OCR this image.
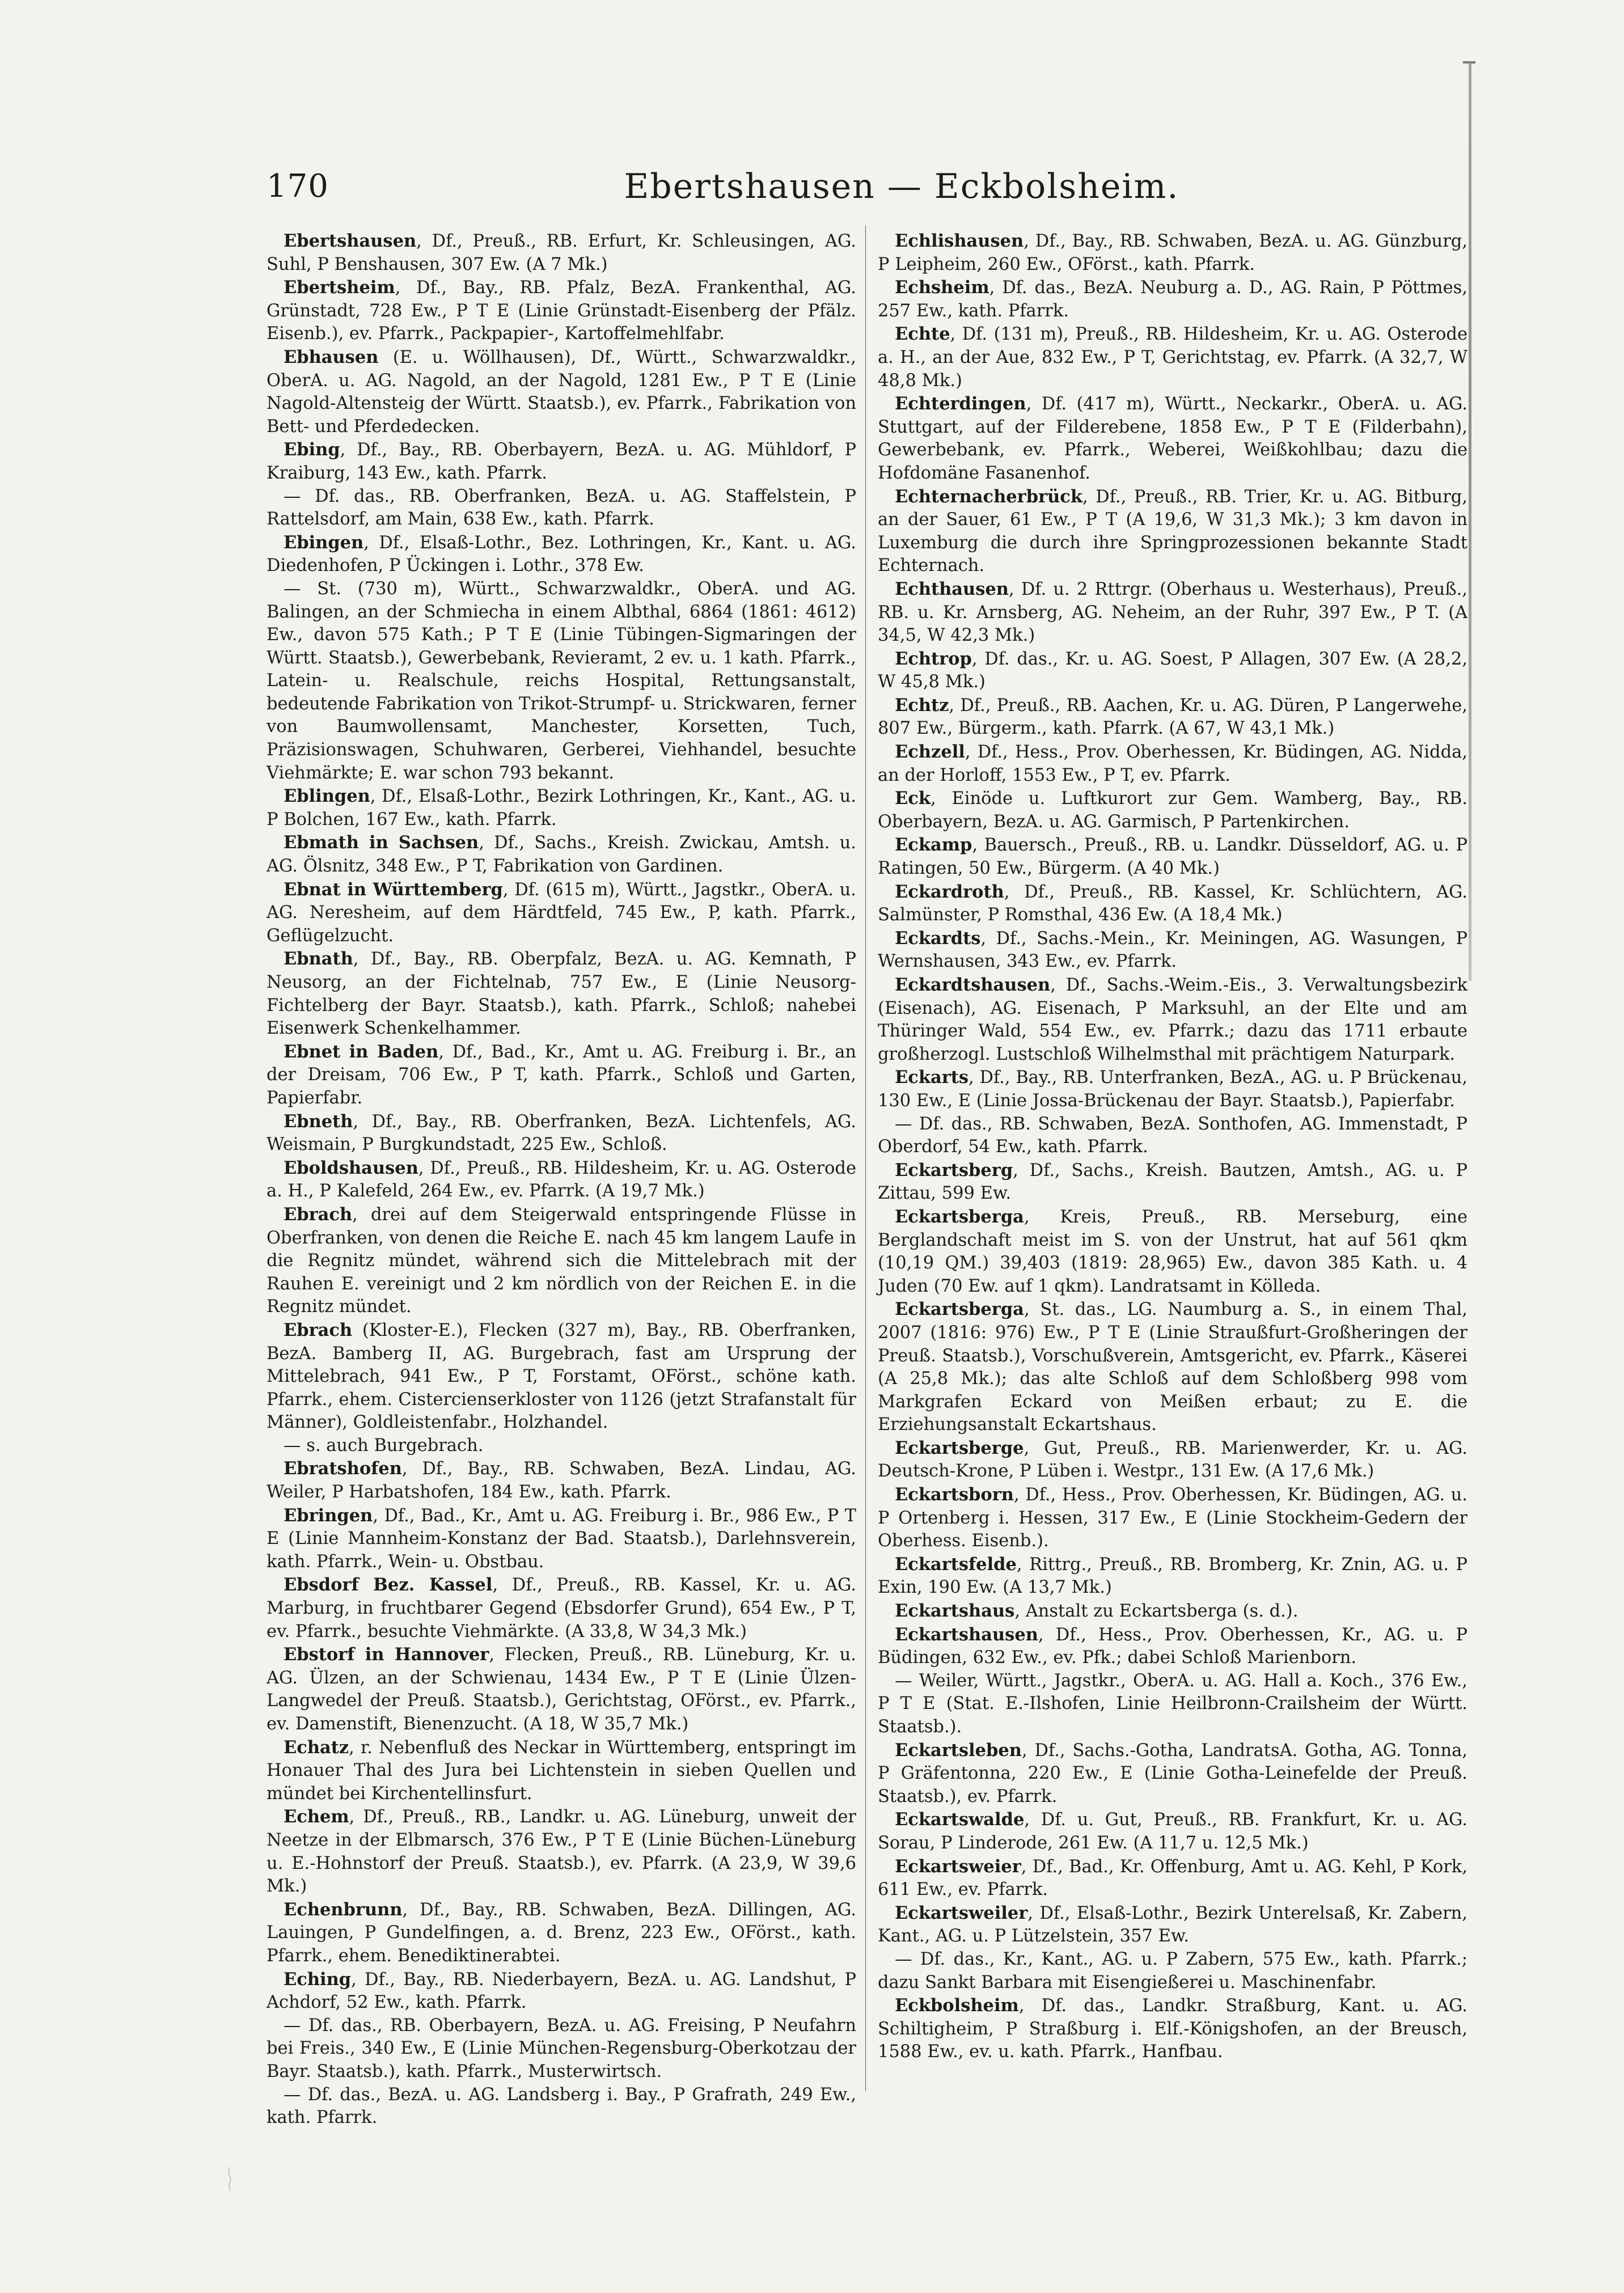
170	Ebertshausen — Eckbolsheim.

Ebertshausen, Df., Preuß., RB. Erfurt, Kr. Schleusingen, AG. Suhl, P Benshausen, 307 Ew. (A 7 Mk.)

Ebertsheim, Df., Bay., RB. Pfalz, BezA. Frankenthal, AG. Grünstadt, 728 Ew., P T E (Linie Grünstadt-Eisenberg der Pfälz. Eisenb.), ev. Pfarrk., Packpapier-, Kartoffelmehlfabr.

Ebhausen (E. u. Wöllhausen), Df., Württ., Schwarzwaldkr., OberA. u. AG. Nagold, an der Nagold, 1281 Ew., P T E (Linie Nagold-Altensteig der Württ. Staatsb.), ev. Pfarrk., Fabrikation von Bett- und Pferdedecken.

Ebing, Df., Bay., RB. Oberbayern, BezA. u. AG. Mühldorf, P Kraiburg, 143 Ew., kath. Pfarrk.

— Df. das., RB. Oberfranken, BezA. u. AG. Staffelstein, P Rattelsdorf, am Main, 638 Ew., kath. Pfarrk.

Ebingen, Df., Elsaß-Lothr., Bez. Lothringen, Kr., Kant. u. AG. Diedenhofen, P Ückingen i. Lothr., 378 Ew.

— St. (730 m), Württ., Schwarzwaldkr., OberA. und AG. Balingen, an der Schmiecha in einem Albthal, 6864 (1861: 4612) Ew., davon 575 Kath.; P T E (Linie Tübingen-Sigmaringen der Württ. Staatsb.), Gewerbebank, Revieramt, 2 ev. u. 1 kath. Pfarrk., Latein- u. Realschule, reichs Hospital, Rettungsanstalt, bedeutende Fabrikation von Trikot-Strumpf- u. Strickwaren, ferner von Baumwollensamt, Manchester, Korsetten, Tuch, Präzisionswagen, Schuhwaren, Gerberei, Viehhandel, besuchte Viehmärkte; E. war schon 793 bekannt.

Eblingen, Df., Elsaß-Lothr., Bezirk Lothringen, Kr., Kant., AG. u. P Bolchen, 167 Ew., kath. Pfarrk.

Ebmath in Sachsen, Df., Sachs., Kreish. Zwickau, Amtsh. u. AG. Ölsnitz, 348 Ew., P T, Fabrikation von Gardinen.

Ebnat in Württemberg, Df. (615 m), Württ., Jagstkr., OberA. u. AG. Neresheim, auf dem Härdtfeld, 745 Ew., P, kath. Pfarrk., Geflügelzucht.

Ebnath, Df., Bay., RB. Oberpfalz, BezA. u. AG. Kemnath, P Neusorg, an der Fichtelnab, 757 Ew., E (Linie Neusorg-Fichtelberg der Bayr. Staatsb.), kath. Pfarrk., Schloß; nahebei Eisenwerk Schenkelhammer.

Ebnet in Baden, Df., Bad., Kr., Amt u. AG. Freiburg i. Br., an der Dreisam, 706 Ew., P T, kath. Pfarrk., Schloß und Garten, Papierfabr.

Ebneth, Df., Bay., RB. Oberfranken, BezA. Lichtenfels, AG. Weismain, P Burgkundstadt, 225 Ew., Schloß.

Eboldshausen, Df., Preuß., RB. Hildesheim, Kr. u. AG. Osterode a. H., P Kalefeld, 264 Ew., ev. Pfarrk. (A 19,7 Mk.)

Ebrach, drei auf dem Steigerwald entspringende Flüsse in Oberfranken, von denen die Reiche E. nach 45 km langem Laufe in die Regnitz mündet, während sich die Mittelebrach mit der Rauhen E. vereinigt und 2 km nördlich von der Reichen E. in die Regnitz mündet.

Ebrach (Kloster-E.), Flecken (327 m), Bay., RB. Oberfranken, BezA. Bamberg II, AG. Burgebrach, fast am Ursprung der Mittelebrach, 941 Ew., P T, Forstamt, OFörst., schöne kath. Pfarrk., ehem. Cistercienserkloster von 1126 (jetzt Strafanstalt für Männer), Goldleistenfabr., Holzhandel.

— s. auch Burgebrach.

Ebratshofen, Df., Bay., RB. Schwaben, BezA. Lindau, AG. Weiler, P Harbatshofen, 184 Ew., kath. Pfarrk.

Ebringen, Df., Bad., Kr., Amt u. AG. Freiburg i. Br., 986 Ew., P T E (Linie Mannheim-Konstanz der Bad. Staatsb.), Darlehnsverein, kath. Pfarrk., Wein- u. Obstbau.

Ebsdorf Bez. Kassel, Df., Preuß., RB. Kassel, Kr. u. AG. Marburg, in fruchtbarer Gegend (Ebsdorfer Grund), 654 Ew., P T, ev. Pfarrk., besuchte Viehmärkte. (A 33,8, W 34,3 Mk.)

Ebstorf in Hannover, Flecken, Preuß., RB. Lüneburg, Kr. u. AG. Ülzen, an der Schwienau, 1434 Ew., P T E (Linie Ülzen-Langwedel der Preuß. Staatsb.), Gerichtstag, OFörst., ev. Pfarrk., ev. Damenstift, Bienenzucht. (A 18, W 35,7 Mk.)

Echatz, r. Nebenfluß des Neckar in Württemberg, entspringt im Honauer Thal des Jura bei Lichtenstein in sieben Quellen und mündet bei Kirchentellinsfurt.

Echem, Df., Preuß., RB., Landkr. u. AG. Lüneburg, unweit der Neetze in der Elbmarsch, 376 Ew., P T E (Linie Büchen-Lüneburg u. E.-Hohnstorf der Preuß. Staatsb.), ev. Pfarrk. (A 23,9, W 39,6 Mk.)

Echenbrunn, Df., Bay., RB. Schwaben, BezA. Dillingen, AG. Lauingen, P Gundelfingen, a. d. Brenz, 223 Ew., OFörst., kath. Pfarrk., ehem. Benediktinerabtei.

Eching, Df., Bay., RB. Niederbayern, BezA. u. AG. Landshut, P Achdorf, 52 Ew., kath. Pfarrk.

— Df. das., RB. Oberbayern, BezA. u. AG. Freising, P Neufahrn bei Freis., 340 Ew., E (Linie München-Regensburg-Oberkotzau der Bayr. Staatsb.), kath. Pfarrk., Musterwirtsch.

— Df. das., BezA. u. AG. Landsberg i. Bay., P Grafrath, 249 Ew., kath. Pfarrk.

Echlishausen, Df., Bay., RB. Schwaben, BezA. u. AG. Günzburg, P Leipheim, 260 Ew., OFörst., kath. Pfarrk.

Echsheim, Df. das., BezA. Neuburg a. D., AG. Rain, P Pöttmes, 257 Ew., kath. Pfarrk.

Echte, Df. (131 m), Preuß., RB. Hildesheim, Kr. u. AG. Osterode a. H., an der Aue, 832 Ew., P T, Gerichtstag, ev. Pfarrk. (A 32,7, W 48,8 Mk.)

Echterdingen, Df. (417 m), Württ., Neckarkr., OberA. u. AG. Stuttgart, auf der Filderebene, 1858 Ew., P T E (Filderbahn), Gewerbebank, ev. Pfarrk., Weberei, Weißkohlbau; dazu die Hofdomäne Fasanenhof.

Echternacherbrück, Df., Preuß., RB. Trier, Kr. u. AG. Bitburg, an der Sauer, 61 Ew., P T (A 19,6, W 31,3 Mk.); 3 km davon in Luxemburg die durch ihre Springprozessionen bekannte Stadt Echternach.

Echthausen, Df. u. 2 Rttrgr. (Oberhaus u. Westerhaus), Preuß., RB. u. Kr. Arnsberg, AG. Neheim, an der Ruhr, 397 Ew., P T. (A 34,5, W 42,3 Mk.)

Echtrop, Df. das., Kr. u. AG. Soest, P Allagen, 307 Ew. (A 28,2, W 45,8 Mk.)

Echtz, Df., Preuß., RB. Aachen, Kr. u. AG. Düren, P Langerwehe, 807 Ew., Bürgerm., kath. Pfarrk. (A 67, W 43,1 Mk.)

Echzell, Df., Hess., Prov. Oberhessen, Kr. Büdingen, AG. Nidda, an der Horloff, 1553 Ew., P T, ev. Pfarrk.

Eck, Einöde u. Luftkurort zur Gem. Wamberg, Bay., RB. Oberbayern, BezA. u. AG. Garmisch, P Partenkirchen.

Eckamp, Bauersch., Preuß., RB. u. Landkr. Düsseldorf, AG. u. P Ratingen, 50 Ew., Bürgerm. (A 40 Mk.)

Eckardroth, Df., Preuß., RB. Kassel, Kr. Schlüchtern, AG. Salmünster, P Romsthal, 436 Ew. (A 18,4 Mk.)

Eckardts, Df., Sachs.-Mein., Kr. Meiningen, AG. Wasungen, P Wernshausen, 343 Ew., ev. Pfarrk.

Eckardtshausen, Df., Sachs.-Weim.-Eis., 3. Verwaltungsbezirk (Eisenach), AG. Eisenach, P Marksuhl, an der Elte und am Thüringer Wald, 554 Ew., ev. Pfarrk.; dazu das 1711 erbaute großherzogl. Lustschloß Wilhelmsthal mit prächtigem Naturpark.

Eckarts, Df., Bay., RB. Unterfranken, BezA., AG. u. P Brückenau, 130 Ew., E (Linie Jossa-Brückenau der Bayr. Staatsb.), Papierfabr.

— Df. das., RB. Schwaben, BezA. Sonthofen, AG. Immenstadt, P Oberdorf, 54 Ew., kath. Pfarrk.

Eckartsberg, Df., Sachs., Kreish. Bautzen, Amtsh., AG. u. P Zittau, 599 Ew.

Eckartsberga, Kreis, Preuß., RB. Merseburg, eine Berglandschaft meist im S. von der Unstrut, hat auf 561 qkm (10,19 QM.) 39,403 (1819: 28,965) Ew., davon 385 Kath. u. 4 Juden (70 Ew. auf 1 qkm). Landratsamt in Kölleda.

Eckartsberga, St. das., LG. Naumburg a. S., in einem Thal, 2007 (1816: 976) Ew., P T E (Linie Straußfurt-Großheringen der Preuß. Staatsb.), Vorschußverein, Amtsgericht, ev. Pfarrk., Käserei (A 25,8 Mk.); das alte Schloß auf dem Schloßberg 998 vom Markgrafen Eckard von Meißen erbaut; zu E. die Erziehungsanstalt Eckartshaus.

Eckartsberge, Gut, Preuß., RB. Marienwerder, Kr. u. AG. Deutsch-Krone, P Lüben i. Westpr., 131 Ew. (A 17,6 Mk.)

Eckartsborn, Df., Hess., Prov. Oberhessen, Kr. Büdingen, AG. u. P Ortenberg i. Hessen, 317 Ew., E (Linie Stockheim-Gedern der Oberhess. Eisenb.).

Eckartsfelde, Rittrg., Preuß., RB. Bromberg, Kr. Znin, AG. u. P Exin, 190 Ew. (A 13,7 Mk.)

Eckartshaus, Anstalt zu Eckartsberga (s. d.).

Eckartshausen, Df., Hess., Prov. Oberhessen, Kr., AG. u. P Büdingen, 632 Ew., ev. Pfk.; dabei Schloß Marienborn.

— Weiler, Württ., Jagstkr., OberA. u. AG. Hall a. Koch., 376 Ew., P T E (Stat. E.-Ilshofen, Linie Heilbronn-Crailsheim der Württ. Staatsb.).

Eckartsleben, Df., Sachs.-Gotha, LandratsA. Gotha, AG. Tonna, P Gräfentonna, 220 Ew., E (Linie Gotha-Leinefelde der Preuß. Staatsb.), ev. Pfarrk.

Eckartswalde, Df. u. Gut, Preuß., RB. Frankfurt, Kr. u. AG. Sorau, P Linderode, 261 Ew. (A 11,7 u. 12,5 Mk.)

Eckartsweier, Df., Bad., Kr. Offenburg, Amt u. AG. Kehl, P Kork, 611 Ew., ev. Pfarrk.

Eckartsweiler, Df., Elsaß-Lothr., Bezirk Unterelsaß, Kr. Zabern, Kant., AG. u. P Lützelstein, 357 Ew.

— Df. das., Kr., Kant., AG. u. P Zabern, 575 Ew., kath. Pfarrk.; dazu Sankt Barbara mit Eisengießerei u. Maschinenfabr.

Eckbolsheim, Df. das., Landkr. Straßburg, Kant. u. AG. Schiltigheim, P Straßburg i. Elf.-Königshofen, an der Breusch, 1588 Ew., ev. u. kath. Pfarrk., Hanfbau.
